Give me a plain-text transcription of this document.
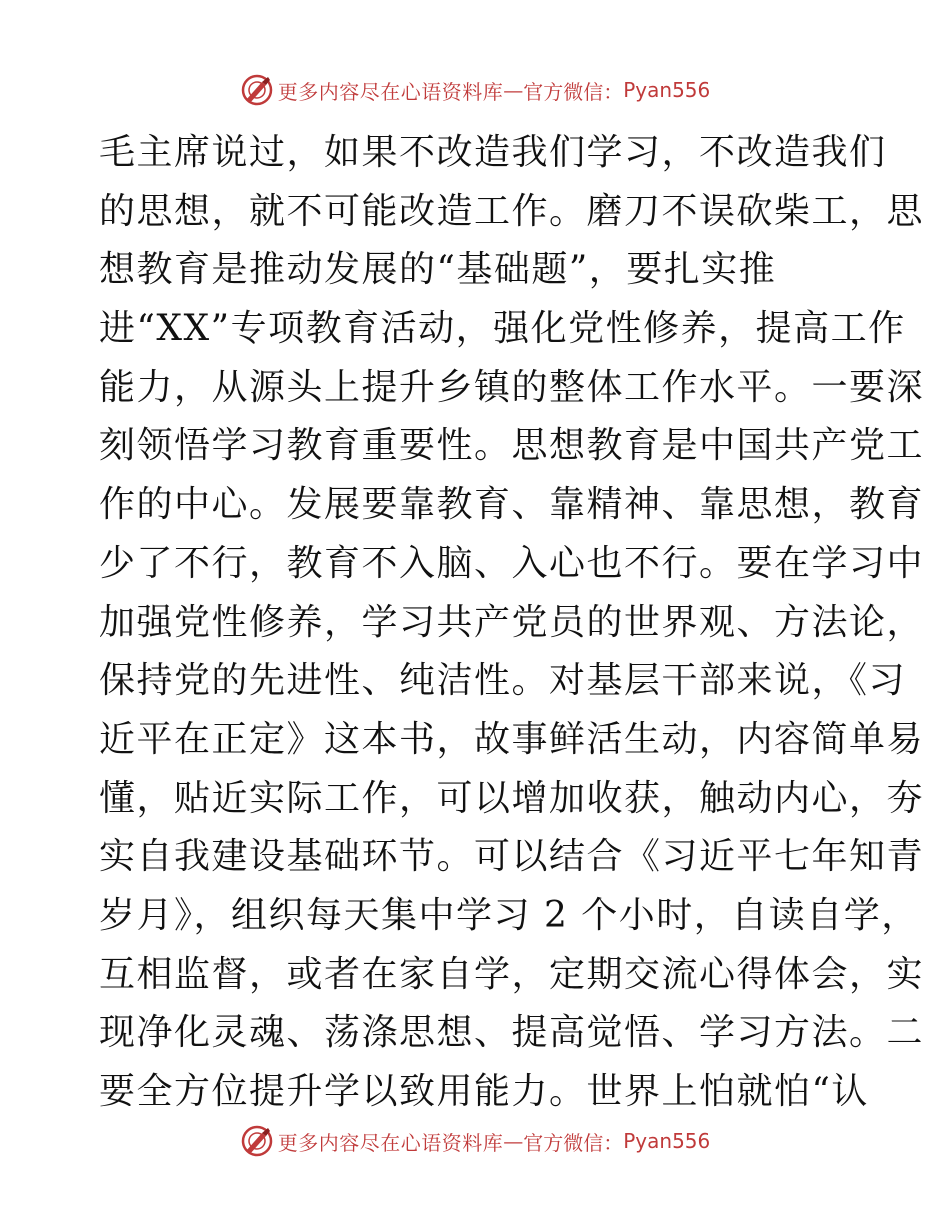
更多内容尽在心语资料库 — 官方微信： Pyan556
毛主席说过，如果不改造我们学习，不改造我们
的思想，就不可能改造工作。磨刀不误砍柴工，思
想教育是推动发展的“基础题”，要扎实推
进“XX”专项教育活动，强化党性修养，提高工作
能力，从源头上提升乡镇的整体工作水平。一要深
刻领悟学习教育重要性。思想教育是中国共产党工
作的中心。发展要靠教育、靠精神、靠思想，教育
少了不行，教育不入脑、入心也不行。要在学习中
加强党性修养，学习共产党员的世界观、方法论，
保持党的先进性、纯洁性。对基层干部来说，《习
近平在正定》这本书，故事鲜活生动，内容简单易
懂，贴近实际工作，可以增加收获，触动内心，夯
实自我建设基础环节。可以结合《习近平七年知青
岁月》，组织每天集中学习 2 个小时，自读自学，
互相监督，或者在家自学，定期交流心得体会，实
现净化灵魂、荡涤思想、提高觉悟、学习方法。二
要全方位提升学以致用能力。世界上怕就怕“认
更多内容尽在心语资料库 — 官方微信： Pyan556
